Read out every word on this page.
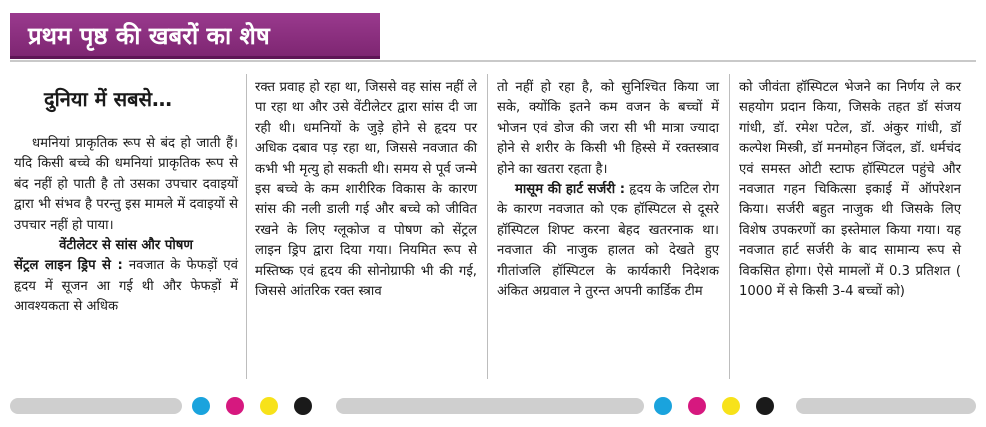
प्रथम पृष्ठ की खबरों का शेष

दुनिया में सबसे…

धमनियां प्राकृतिक रूप से बंद हो जाती हैं। यदि किसी बच्चे की धमनियां प्राकृतिक रूप से बंद नहीं हो पाती है तो उसका उपचार दवाइयों द्वारा भी संभव है परन्तु इस मामले में दवाइयों से उपचार नहीं हो पाया।

वेंटीलेटर से सांस और पोषण

सेंट्रल लाइन ड्रिप से : नवजात के फेफड़ों एवं हृदय में सूजन आ गई थी और फेफड़ों में आवश्यकता से अधिक

रक्त प्रवाह हो रहा था, जिससे वह सांस नहीं ले पा रहा था और उसे वेंटीलेटर द्वारा सांस दी जा रही थी। धमनियों के जुड़े होने से हृदय पर अधिक दबाव पड़ रहा था, जिससे नवजात की कभी भी मृत्यु हो सकती थी। समय से पूर्व जन्मे इस बच्चे के कम शारीरिक विकास के कारण सांस की नली डाली गई और बच्चे को जीवित रखने के लिए ग्लूकोज व पोषण को सेंट्रल लाइन ड्रिप द्वारा दिया गया। नियमित रूप से मस्तिष्क एवं हृदय की सोनोग्राफी भी की गई, जिससे आंतरिक रक्त स्त्राव

तो नहीं हो रहा है, को सुनिश्चित किया जा सके, क्योंकि इतने कम वजन के बच्चों में भोजन एवं डोज की जरा सी भी मात्रा ज्यादा होने से शरीर के किसी भी हिस्से में रक्तस्त्राव होने का खतरा रहता है।

मासूम की हार्ट सर्जरी : हृदय के जटिल रोग के कारण नवजात को एक हॉस्पिटल से दूसरे हॉस्पिटल शिफ्ट करना बेहद खतरनाक था। नवजात की नाजुक हालत को देखते हुए गीतांजलि हॉस्पिटल के कार्यकारी निदेशक अंकित अग्रवाल ने तुरन्त अपनी कार्डिक टीम

को जीवंता हॉस्पिटल भेजने का निर्णय ले कर सहयोग प्रदान किया, जिसके तहत डॉ संजय गांधी, डॉ. रमेश पटेल, डॉ. अंकुर गांधी, डॉ कल्पेश मिस्त्री, डॉ मनमोहन जिंदल, डॉ. धर्मचंद एवं समस्त ओटी स्टाफ हॉस्पिटल पहुंचे और नवजात गहन चिकित्सा इकाई में ऑपरेशन किया। सर्जरी बहुत नाजुक थी जिसके लिए विशेष उपकरणों का इस्तेमाल किया गया। यह नवजात हार्ट सर्जरी के बाद सामान्य रूप से विकसित होगा। ऐसे मामलों में 0.3 प्रतिशत ( 1000 में से किसी 3-4 बच्चों को)
